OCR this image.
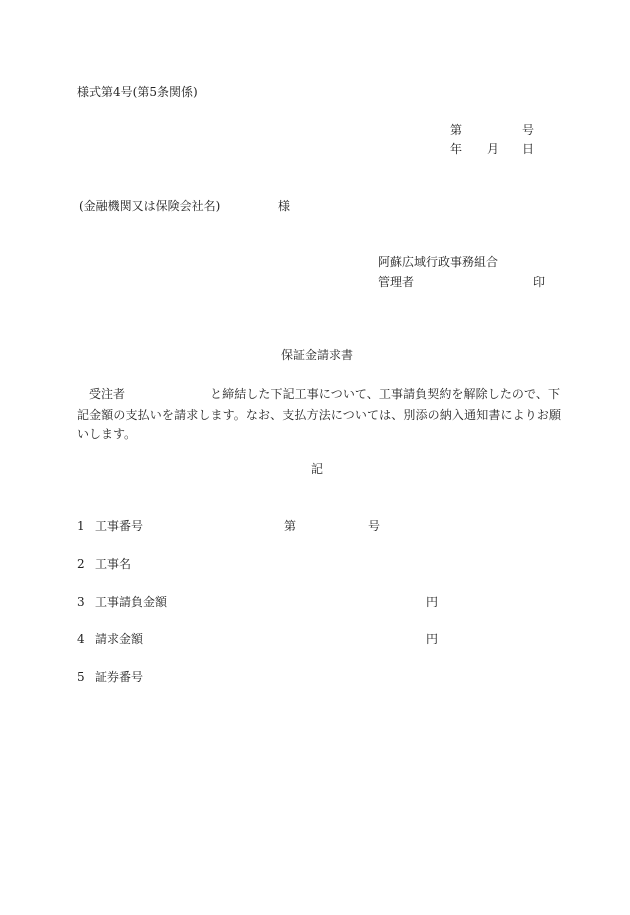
様式第4号(第5条関係)
第	号
年 月 日
(金融機関又は保険会社名)	様
阿蘇広域行政事務組合
管理者	印
保証金請求書
受注者	と締結した下記工事について、工事請負契約を解除したので、下
記金額の支払いを請求します。なお、支払方法については、別添の納入通知書によりお願
いします。
記
1 工事番号	第	号
2 工事名
3 工事請負金額	円
4 請求金額	円
5 証券番号
